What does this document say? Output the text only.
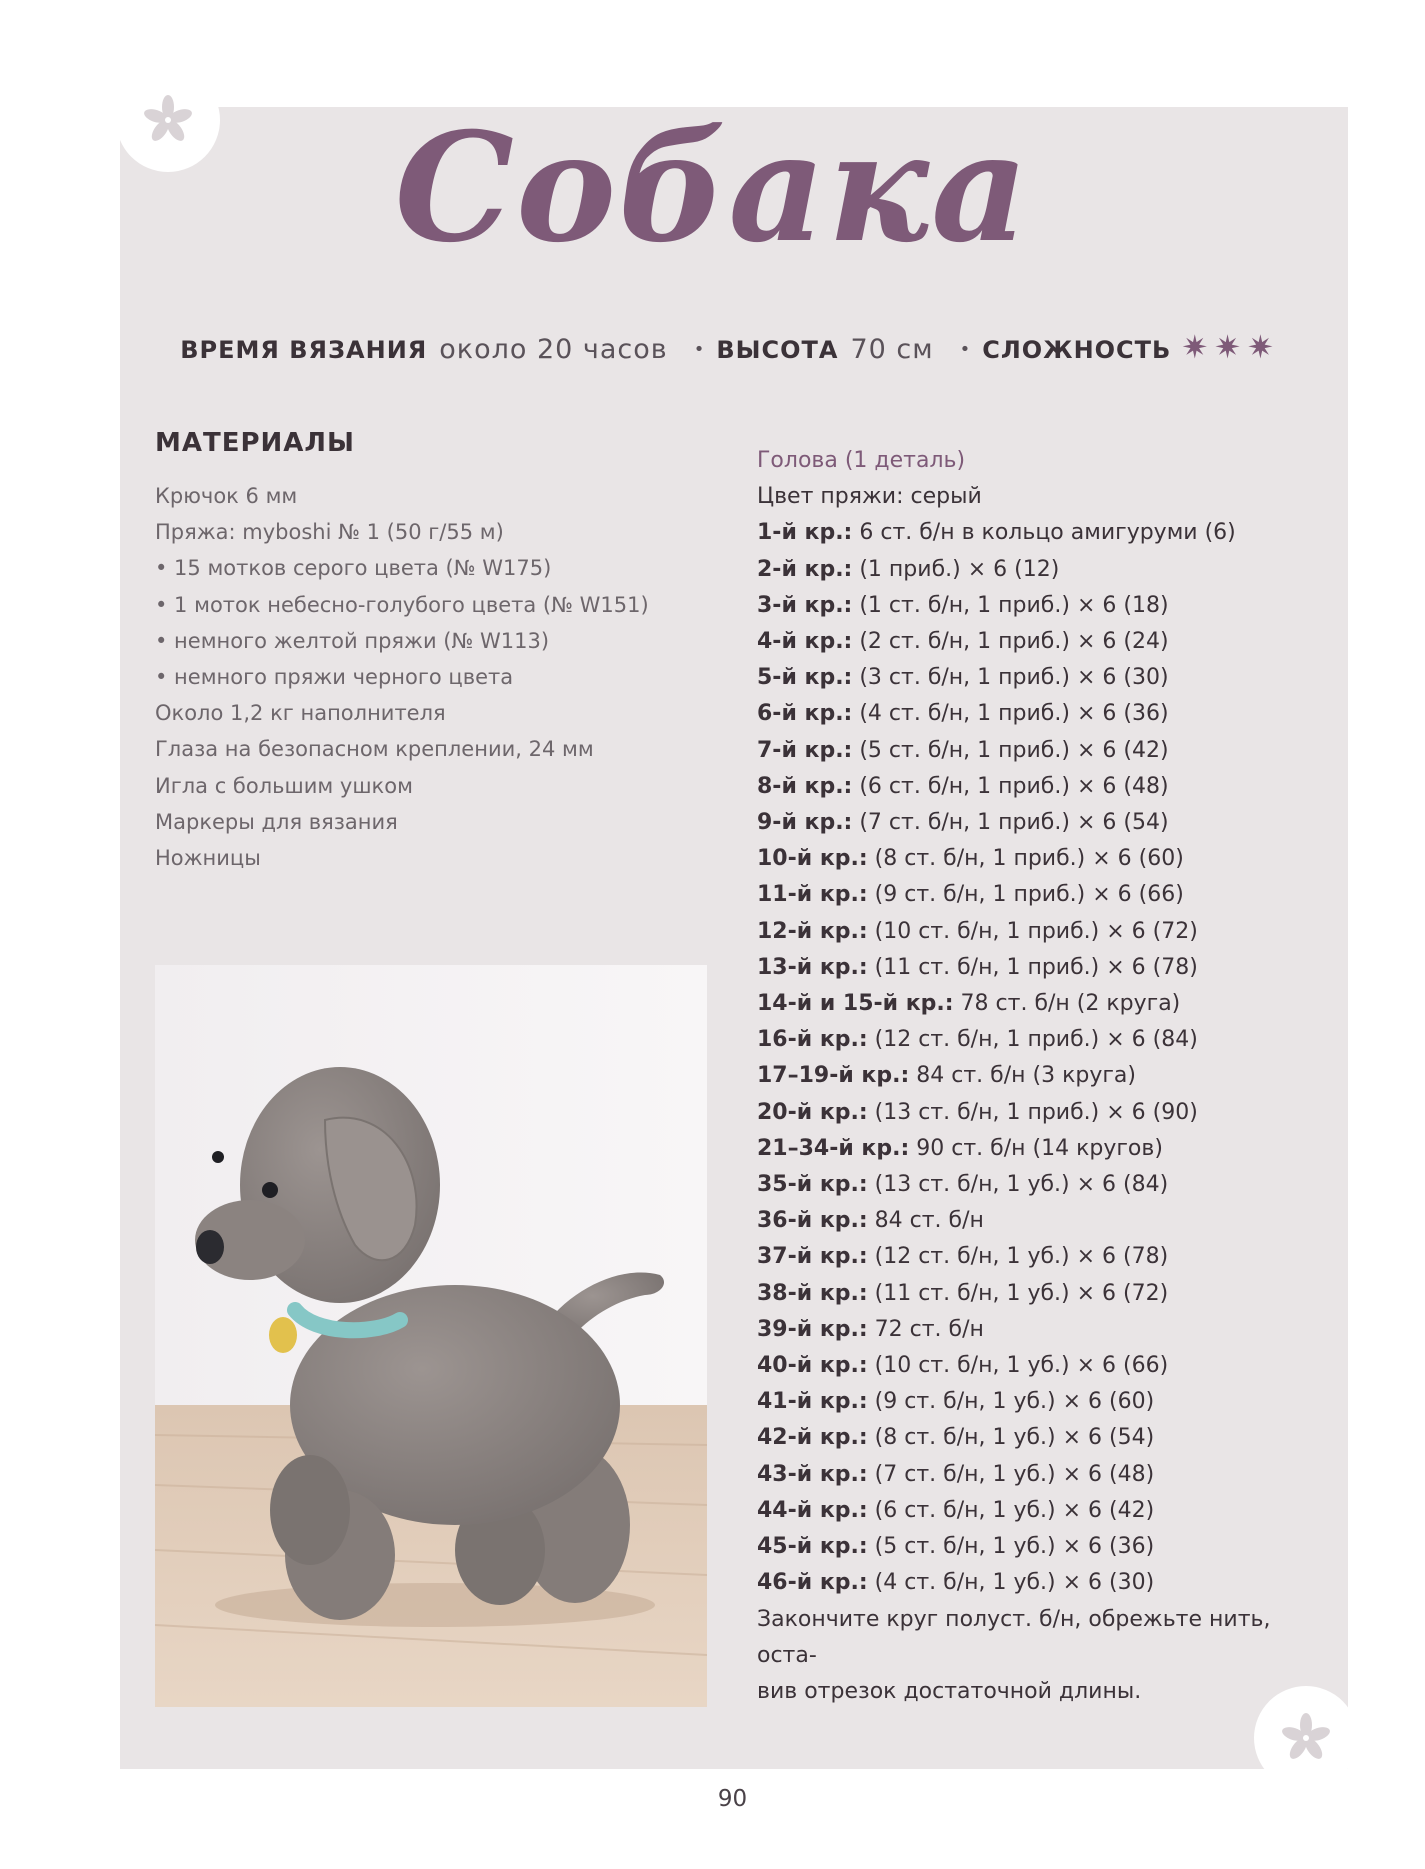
Собака
ВРЕМЯ ВЯЗАНИЯ около 20 часов • ВЫСОТА 70 см • СЛОЖНОСТЬ ✷✷✷
МАТЕРИАЛЫ
Крючок 6 мм
Пряжа: myboshi № 1 (50 г/55 м)
• 15 мотков серого цвета (№ W175)
• 1 моток небесно-голубого цвета (№ W151)
• немного желтой пряжи (№ W113)
• немного пряжи черного цвета
Около 1,2 кг наполнителя
Глаза на безопасном креплении, 24 мм
Игла с большим ушком
Маркеры для вязания
Ножницы
Голова (1 деталь)
Цвет пряжи: серый
1-й кр.: 6 ст. б/н в кольцо амигуруми (6)
2-й кр.: (1 приб.) × 6 (12)
3-й кр.: (1 ст. б/н, 1 приб.) × 6 (18)
4-й кр.: (2 ст. б/н, 1 приб.) × 6 (24)
5-й кр.: (3 ст. б/н, 1 приб.) × 6 (30)
6-й кр.: (4 ст. б/н, 1 приб.) × 6 (36)
7-й кр.: (5 ст. б/н, 1 приб.) × 6 (42)
8-й кр.: (6 ст. б/н, 1 приб.) × 6 (48)
9-й кр.: (7 ст. б/н, 1 приб.) × 6 (54)
10-й кр.: (8 ст. б/н, 1 приб.) × 6 (60)
11-й кр.: (9 ст. б/н, 1 приб.) × 6 (66)
12-й кр.: (10 ст. б/н, 1 приб.) × 6 (72)
13-й кр.: (11 ст. б/н, 1 приб.) × 6 (78)
14-й и 15-й кр.: 78 ст. б/н (2 круга)
16-й кр.: (12 ст. б/н, 1 приб.) × 6 (84)
17–19-й кр.: 84 ст. б/н (3 круга)
20-й кр.: (13 ст. б/н, 1 приб.) × 6 (90)
21–34-й кр.: 90 ст. б/н (14 кругов)
35-й кр.: (13 ст. б/н, 1 уб.) × 6 (84)
36-й кр.: 84 ст. б/н
37-й кр.: (12 ст. б/н, 1 уб.) × 6 (78)
38-й кр.: (11 ст. б/н, 1 уб.) × 6 (72)
39-й кр.: 72 ст. б/н
40-й кр.: (10 ст. б/н, 1 уб.) × 6 (66)
41-й кр.: (9 ст. б/н, 1 уб.) × 6 (60)
42-й кр.: (8 ст. б/н, 1 уб.) × 6 (54)
43-й кр.: (7 ст. б/н, 1 уб.) × 6 (48)
44-й кр.: (6 ст. б/н, 1 уб.) × 6 (42)
45-й кр.: (5 ст. б/н, 1 уб.) × 6 (36)
46-й кр.: (4 ст. б/н, 1 уб.) × 6 (30)
Закончите круг полуст. б/н, обрежьте нить, оста-
вив отрезок достаточной длины.
90
